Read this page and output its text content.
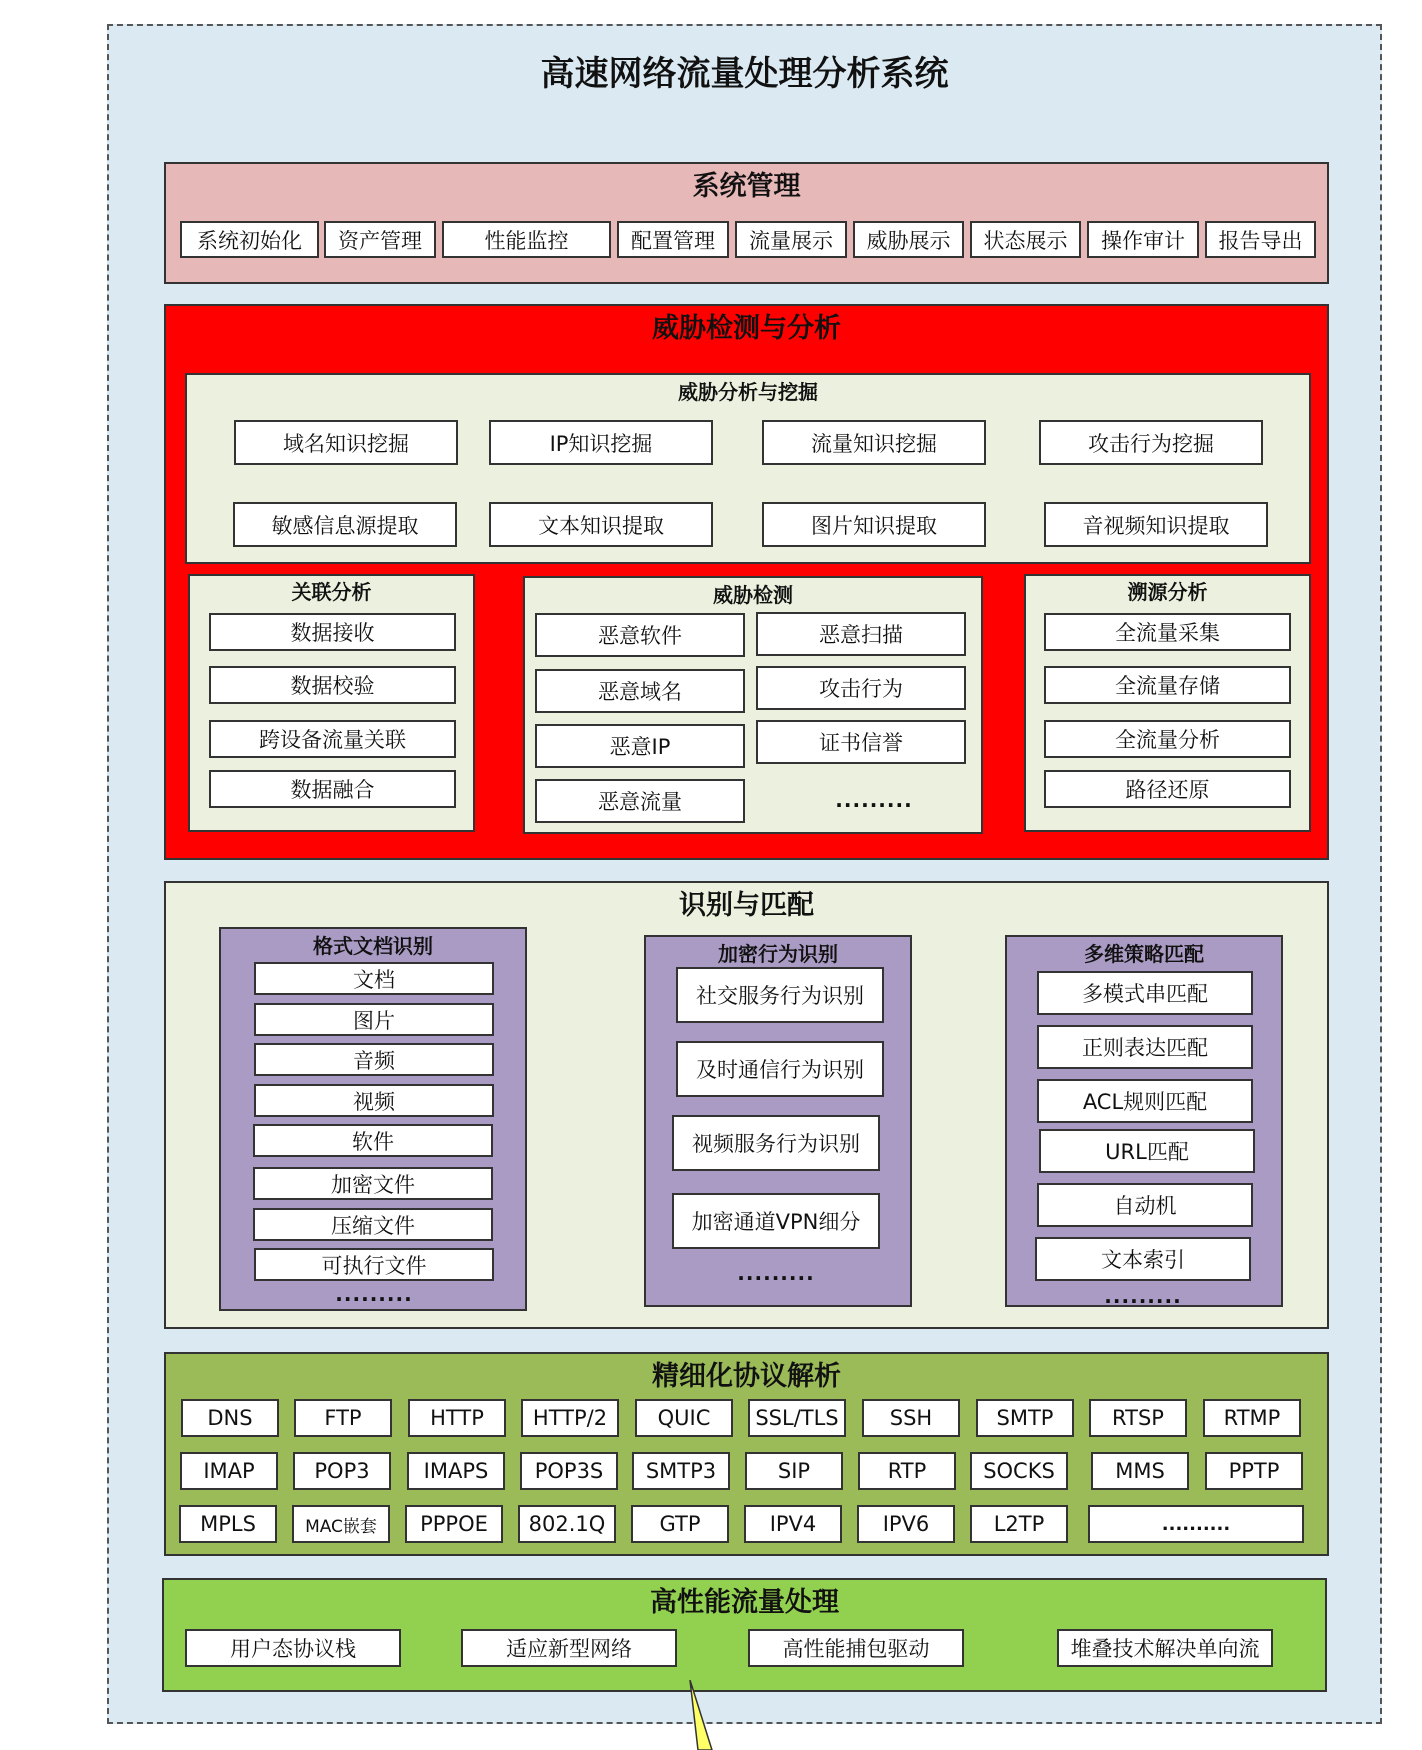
高速网络流量处理分析系统
系统管理
系统初始化	资产管理	性能监控	配置管理	流量展示	威胁展示	状态展示	操作审计	报告导出
威胁检测与分析
威胁分析与挖掘
域名知识挖掘	IP知识挖掘	流量知识挖掘	攻击行为挖掘
敏感信息源提取	文本知识提取	图片知识提取	音视频知识提取
关联分析
数据接收
数据校验
跨设备流量关联
数据融合
威胁检测
恶意软件
恶意域名
恶意IP
恶意流量
恶意扫描
攻击行为
证书信誉
.........
溯源分析
全流量采集
全流量存储
全流量分析
路径还原
识别与匹配
格式文档识别
文档
图片
音频
视频
软件
加密文件
压缩文件
可执行文件
.........
加密行为识别
社交服务行为识别
及时通信行为识别
视频服务行为识别
加密通道VPN细分
.........
多维策略匹配
多模式串匹配
正则表达匹配
ACL规则匹配
URL匹配
自动机
文本索引
.........
精细化协议解析
DNS	FTP	HTTP	HTTP/2	QUIC	SSL/TLS	SSH	SMTP	RTSP	RTMP
IMAP	POP3	IMAPS	POP3S	SMTP3	SIP	RTP	SOCKS	MMS	PPTP
MPLS	MAC嵌套	PPPOE	802.1Q	GTP	IPV4	IPV6	L2TP	..........
高性能流量处理
用户态协议栈	适应新型网络	高性能捕包驱动	堆叠技术解决单向流
